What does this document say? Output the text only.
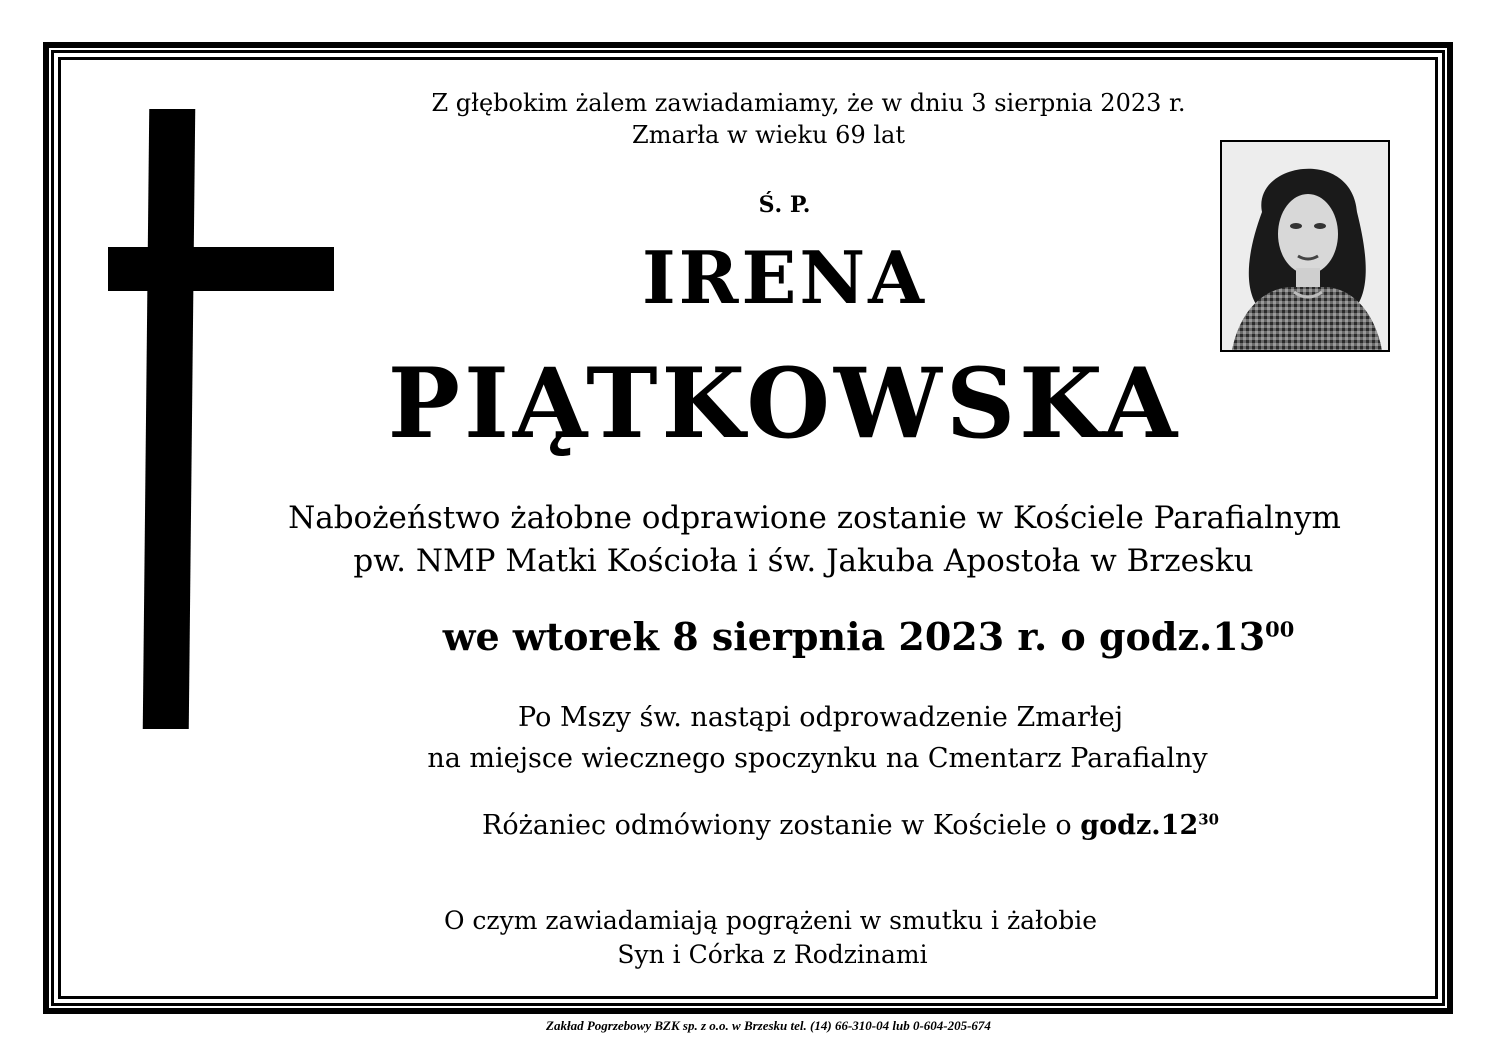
Z głębokim żalem zawiadamiamy, że w dniu 3 sierpnia 2023 r.
Zmarła w wieku 69 lat
Ś. P.
IRENA
PIĄTKOWSKA
Nabożeństwo żałobne odprawione zostanie w Kościele Parafialnym
pw. NMP Matki Kościoła i św. Jakuba Apostoła w Brzesku
we wtorek 8 sierpnia 2023 r. o $godz.13^{00}$
Po Mszy św. nastąpi odprowadzenie Zmarłej
na miejsce wiecznego spoczynku na Cmentarz Parafialny
Różaniec odmówiony zostanie w Kościele o $godz.12^{30}$
O czym zawiadamiają pogrążeni w smutku i żałobie
Syn i Córka z Rodzinami
Zakład Pogrzebowy BZK sp. z o.o. w Brzesku tel. (14) 66-310-04 lub 0-604-205-674
